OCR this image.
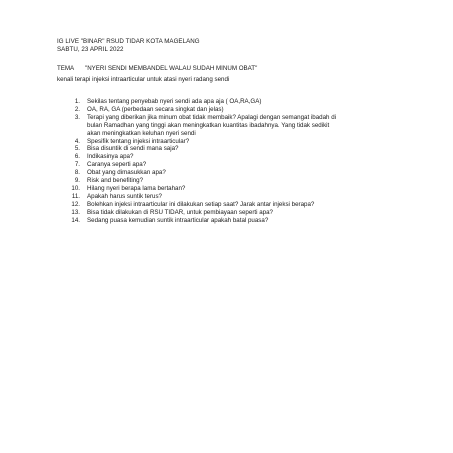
IG LIVE "BINAR" RSUD TIDAR KOTA MAGELANG
SABTU, 23 APRIL 2022
TEMA "NYERI SENDI MEMBANDEL WALAU SUDAH MINUM OBAT"
kenali terapi injeksi intraarticular untuk atasi nyeri radang sendi
1.	Sekilas tentang penyebab nyeri sendi ada apa aja ( OA,RA,GA)
2.	OA, RA, GA (perbedaan secara singkat dan jelas)
3.	Terapi yang diberikan jika minum obat tidak membaik? Apalagi dengan semangat ibadah di
bulan Ramadhan yang tinggi akan meningkatkan kuantitas ibadahnya. Yang tidak sedikit
akan meningkatkan keluhan nyeri sendi
4.	Spesifik tentang injeksi intraarticular?
5.	Bisa disuntik di sendi mana saja?
6.	Indikasinya apa?
7.	Caranya seperti apa?
8.	Obat yang dimasukkan apa?
9.	Risk and benefiting?
10.	Hilang nyeri berapa lama bertahan?
11.	Apakah harus suntik terus?
12.	Bolehkan injeksi intraarticular ini dilakukan setiap saat? Jarak antar injeksi berapa?
13.	Bisa tidak dilakukan di RSU TIDAR, untuk pembiayaan seperti apa?
14.	Sedang puasa kemudian suntik intraarticular apakah batal puasa?
